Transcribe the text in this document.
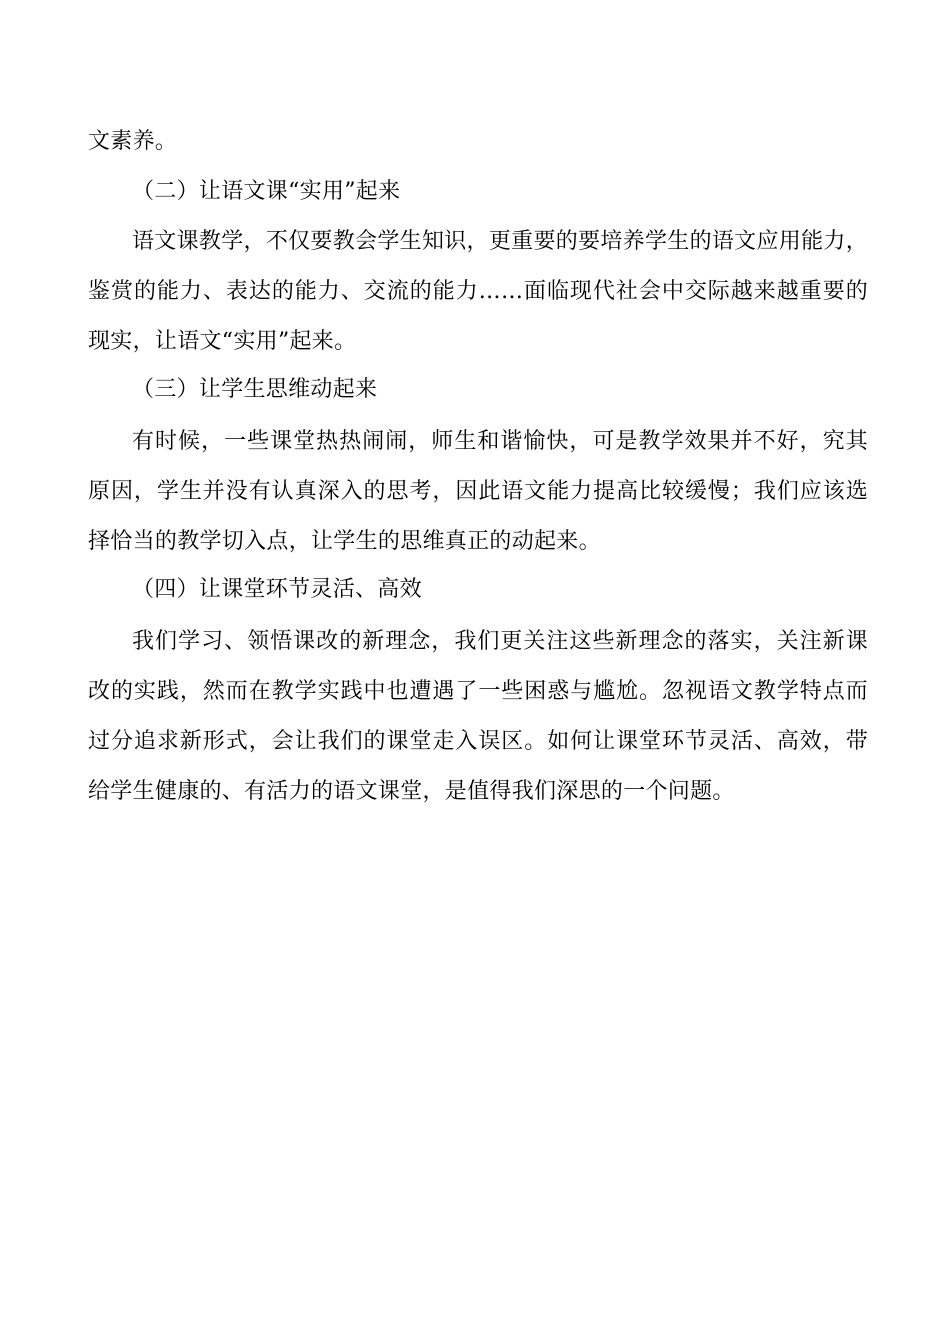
文素养。
（二）让语文课“实用”起来
语文课教学，不仅要教会学生知识，更重要的要培养学生的语文应用能力，
鉴赏的能力、表达的能力、交流的能力……面临现代社会中交际越来越重要的
现实，让语文“实用”起来。
（三）让学生思维动起来
有时候，一些课堂热热闹闹，师生和谐愉快，可是教学效果并不好，究其
原因，学生并没有认真深入的思考，因此语文能力提高比较缓慢；我们应该选
择恰当的教学切入点，让学生的思维真正的动起来。
（四）让课堂环节灵活、高效
我们学习、领悟课改的新理念，我们更关注这些新理念的落实，关注新课
改的实践，然而在教学实践中也遭遇了一些困惑与尴尬。忽视语文教学特点而
过分追求新形式，会让我们的课堂走入误区。如何让课堂环节灵活、高效，带
给学生健康的、有活力的语文课堂，是值得我们深思的一个问题。
